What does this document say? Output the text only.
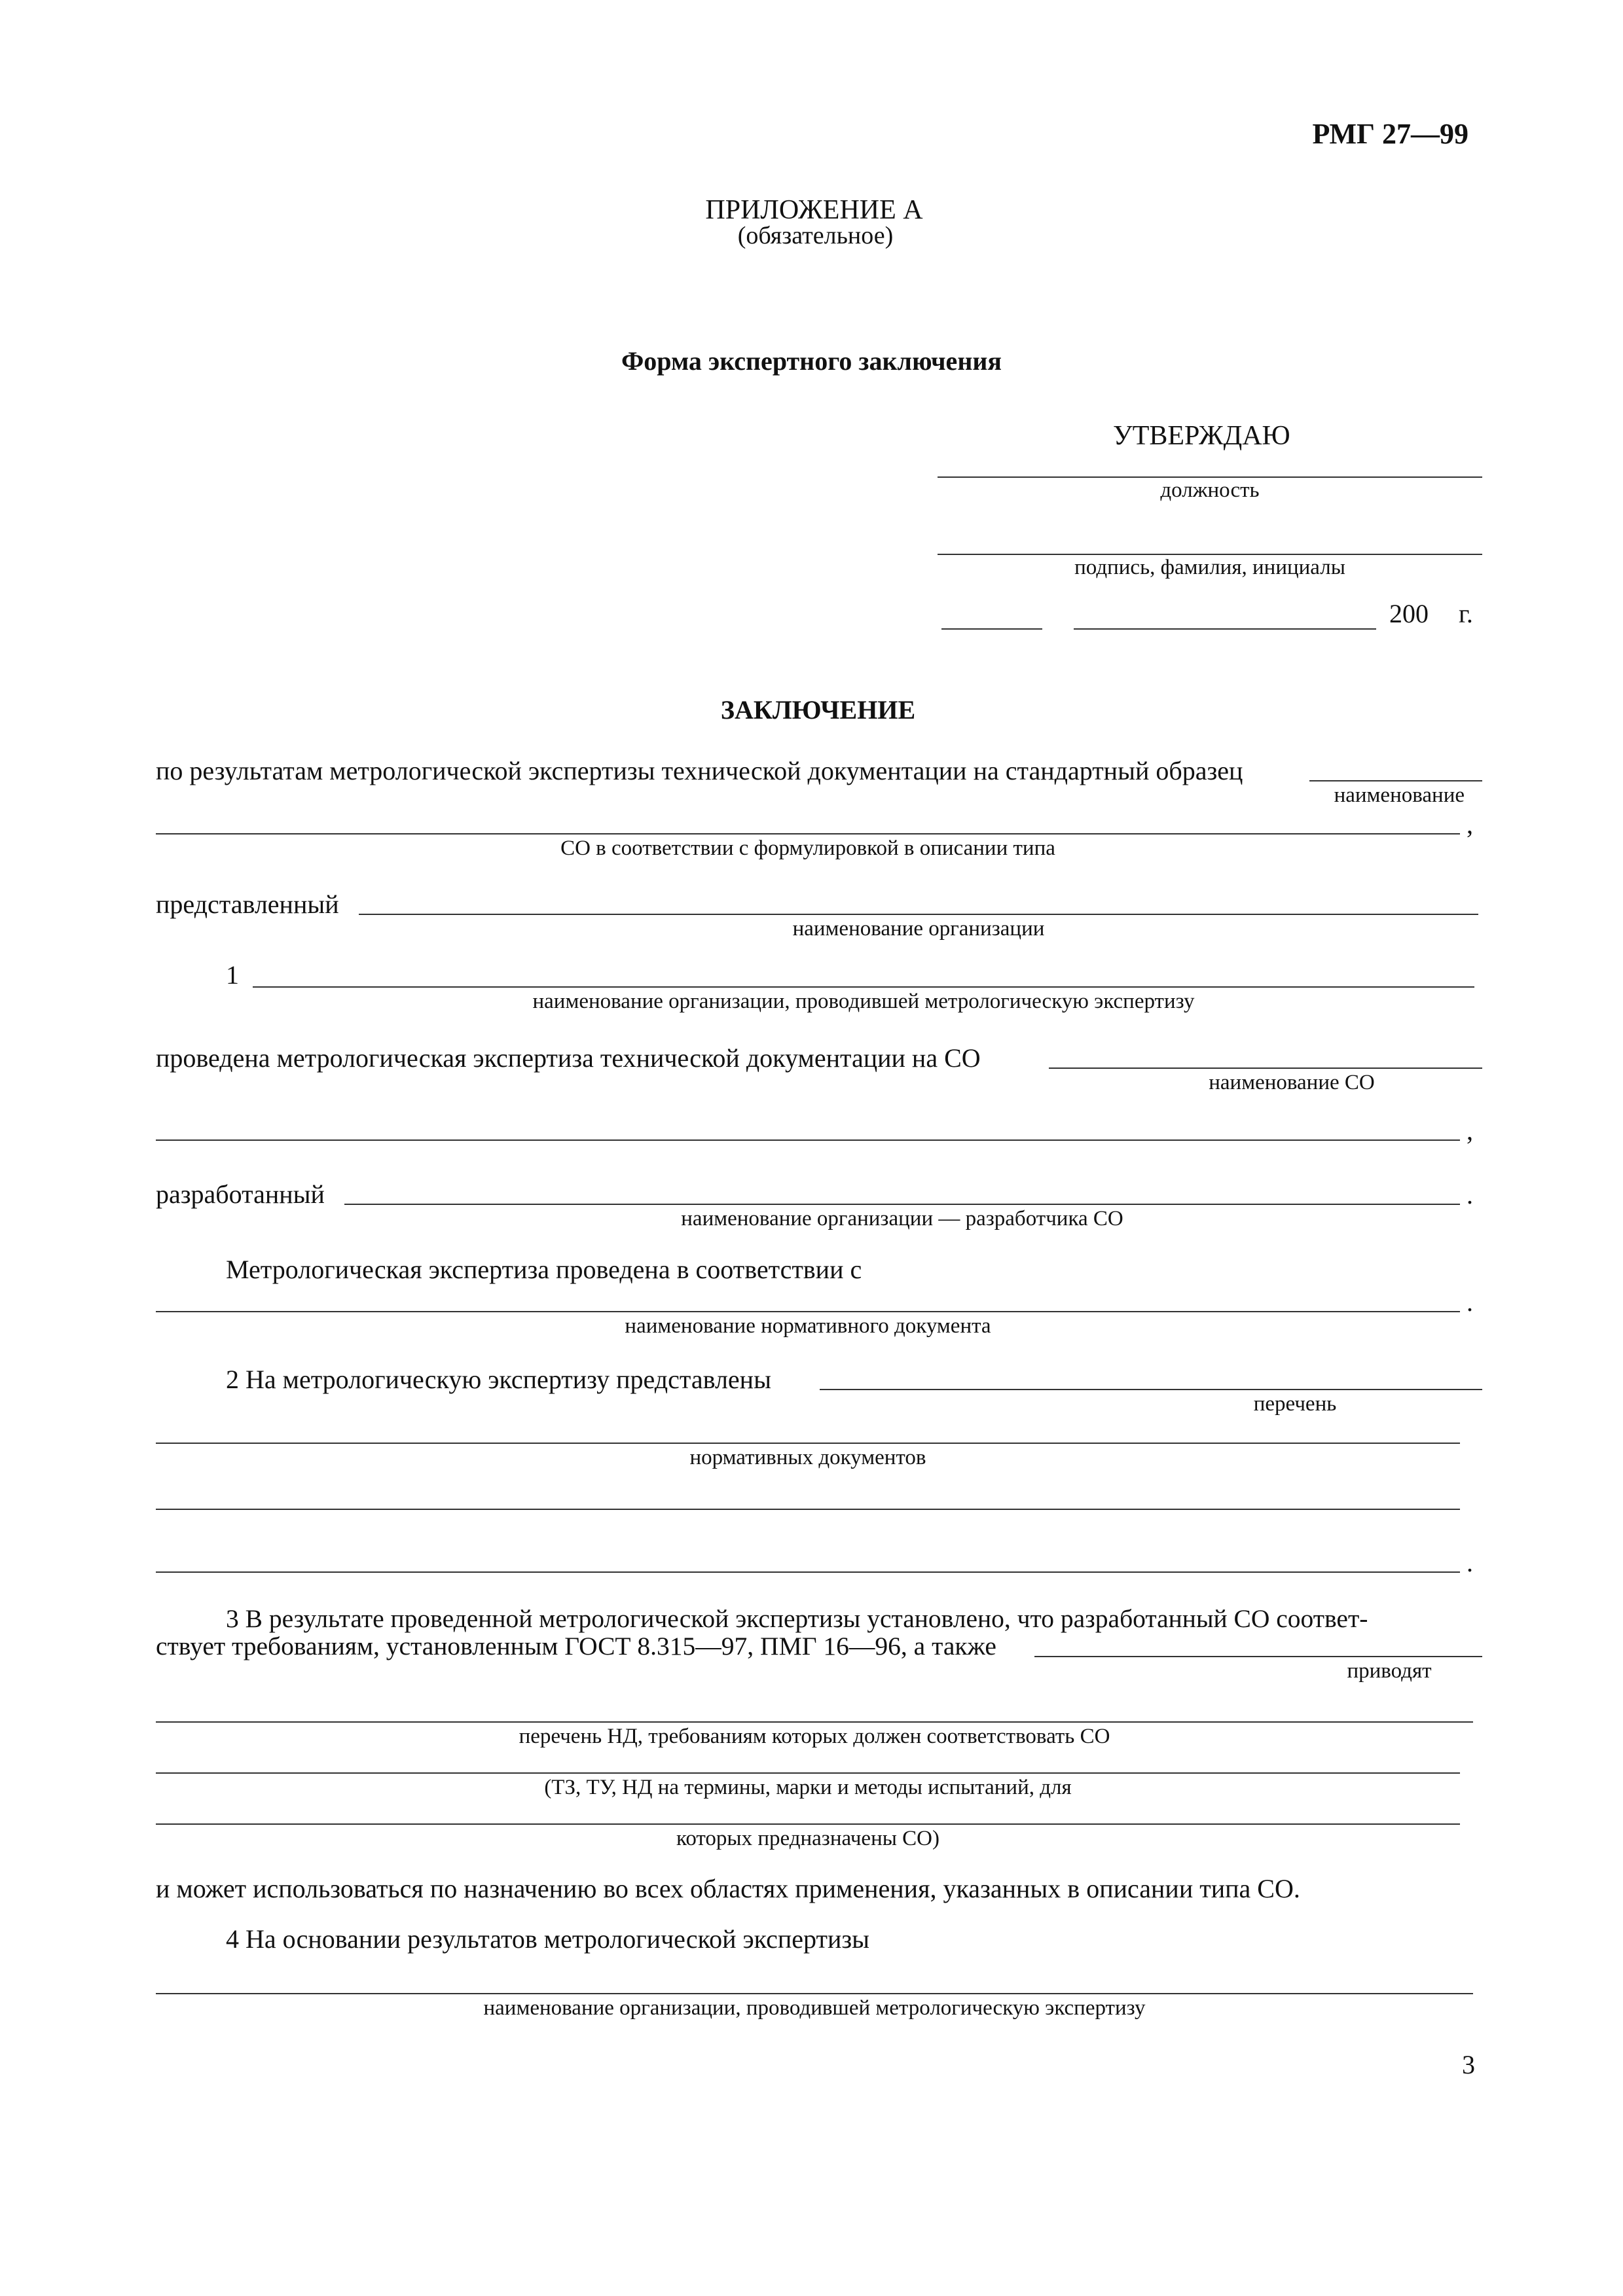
РМГ 27—99
ПРИЛОЖЕНИЕ А
(обязательное)
Форма экспертного заключения
УТВЕРЖДАЮ
должность
подпись, фамилия, инициалы
200 г.
ЗАКЛЮЧЕНИЕ
по результатам метрологической экспертизы технической документации на стандартный образец
наименование
,
СО в соответствии с формулировкой в описании типа
представленный
наименование организации
1
наименование организации, проводившей метрологическую экспертизу
проведена метрологическая экспертиза технической документации на СО
наименование СО
,
разработанный	.
наименование организации — разработчика СО
Метрологическая экспертиза проведена в соответствии с
.
наименование нормативного документа
2 На метрологическую экспертизу представлены
перечень
нормативных документов
.
3 В результате проведенной метрологической экспертизы установлено, что разработанный СО соответ-
ствует требованиям, установленным ГОСТ 8.315—97, ПМГ 16—96, а также
приводят
перечень НД, требованиям которых должен соответствовать СО
(ТЗ, ТУ, НД на термины, марки и методы испытаний, для
которых предназначены СО)
и может использоваться по назначению во всех областях применения, указанных в описании типа СО.
4 На основании результатов метрологической экспертизы
наименование организации, проводившей метрологическую экспертизу
3
